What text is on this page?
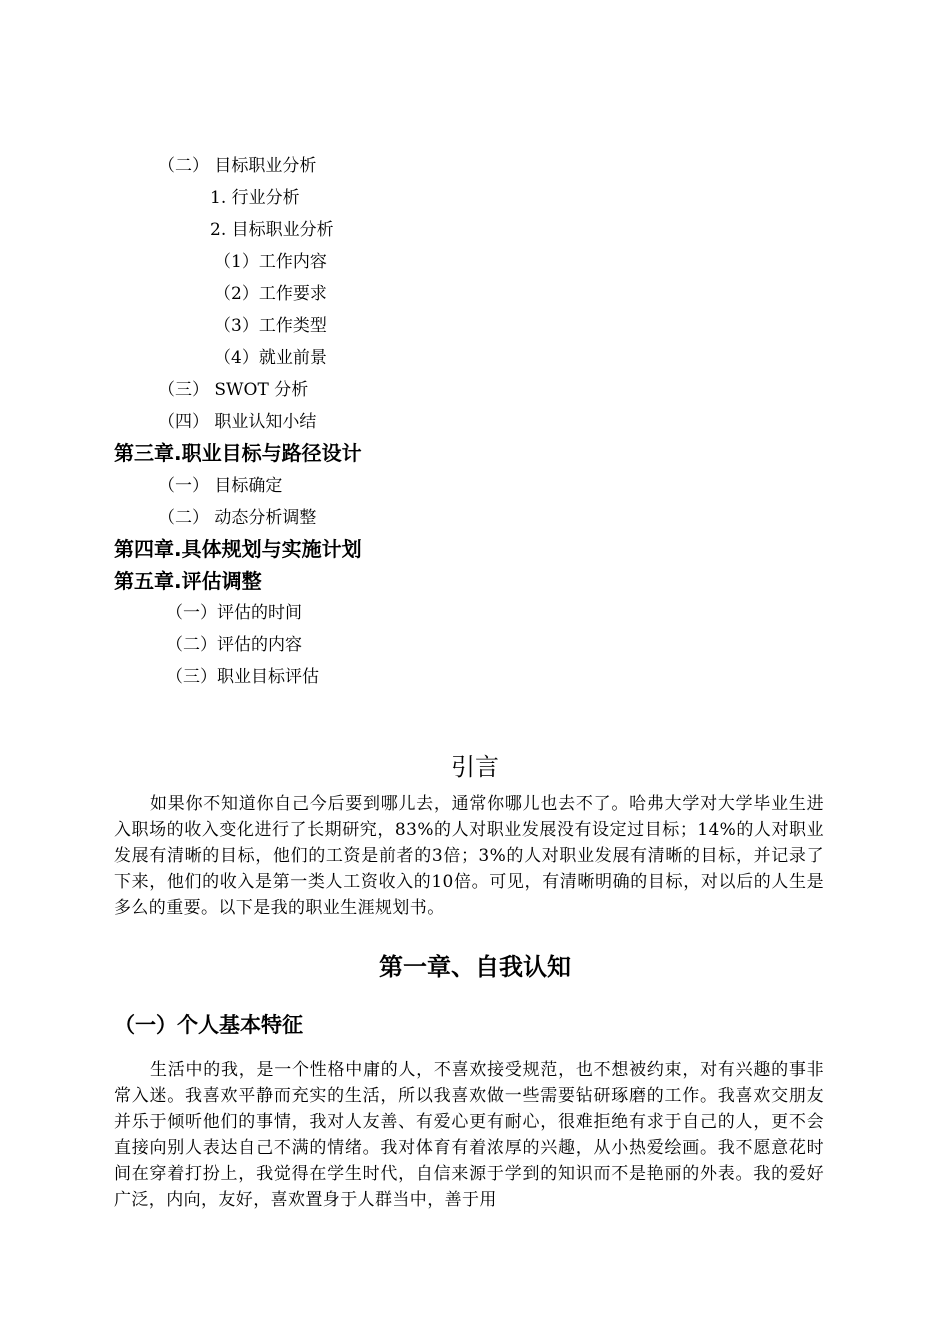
（二） 目标职业分析
1. 行业分析
2. 目标职业分析
（1）工作内容
（2）工作要求
（3）工作类型
（4）就业前景
（三） SWOT 分析
（四） 职业认知小结
第三章.职业目标与路径设计
（一） 目标确定
（二） 动态分析调整
第四章.具体规划与实施计划
第五章.评估调整
（一）评估的时间
（二）评估的内容
（三）职业目标评估
引言
如果你不知道你自己今后要到哪儿去，通常你哪儿也去不了。哈弗大学对大学毕业生进入职场的收入变化进行了长期研究，83%的人对职业发展没有设定过目标；14%的人对职业发展有清晰的目标，他们的工资是前者的3倍；3%的人对职业发展有清晰的目标，并记录了下来，他们的收入是第一类人工资收入的10倍。可见，有清晰明确的目标，对以后的人生是多么的重要。以下是我的职业生涯规划书。
第一章、自我认知
（一）个人基本特征
生活中的我，是一个性格中庸的人，不喜欢接受规范，也不想被约束，对有兴趣的事非常入迷。我喜欢平静而充实的生活，所以我喜欢做一些需要钻研琢磨的工作。我喜欢交朋友并乐于倾听他们的事情，我对人友善、有爱心更有耐心，很难拒绝有求于自己的人，更不会直接向别人表达自己不满的情绪。我对体育有着浓厚的兴趣，从小热爱绘画。我不愿意花时间在穿着打扮上，我觉得在学生时代，自信来源于学到的知识而不是艳丽的外表。我的爱好广泛，内向，友好，喜欢置身于人群当中，善于用
